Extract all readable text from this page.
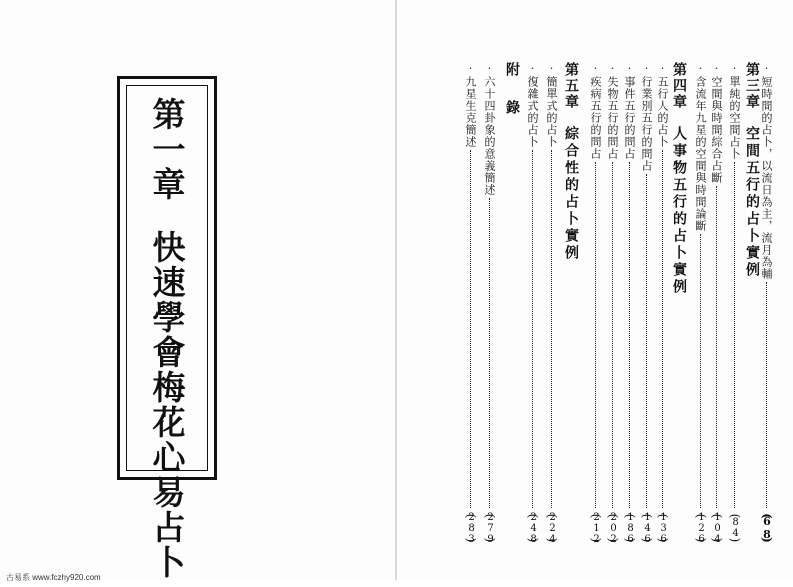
第一章快速學會梅花心易占卜
·短時間的占卜，以流日為主，流月為輔
( 68 )
第三章空間五行的占卜實例
·單純的空間占卜
( 84 )
·空間與時間綜合占斷
( 104 )
·含流年九星的空間與時間論斷
( 126 )
第四章人事物五行的占卜實例
·五行人的占卜
( 136 )
·行業別五行的問占
( 146 )
·事件五行的問占
( 186 )
·失物五行的問占
( 202 )
·疾病五行的問占
( 212 )
第五章綜合性的占卜實例
·簡單式的占卜
( 224 )
·復雜式的占卜
( 248 )
附錄
·六十四卦象的意義簡述
( 279 )
·九星生克簡述
( 283 )
古易系 www.fczhy920.com
